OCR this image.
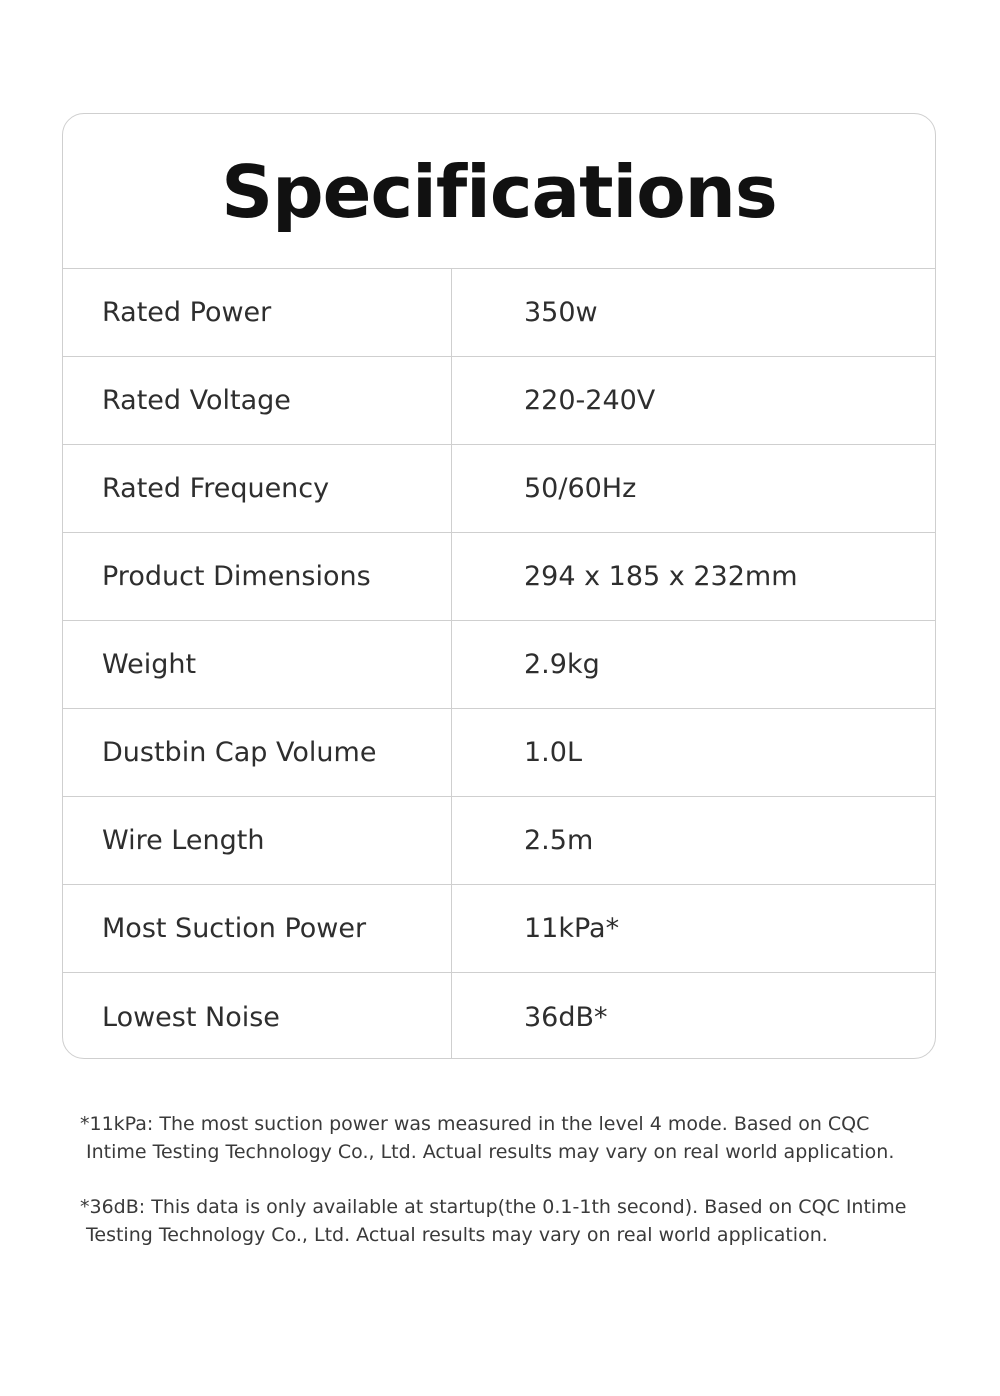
Specifications
Rated Power	350w
Rated Voltage	220-240V
Rated Frequency	50/60Hz
Product Dimensions	294 x 185 x 232mm
Weight	2.9kg
Dustbin Cap Volume	1.0L
Wire Length	2.5m
Most Suction Power	11kPa*
Lowest Noise	36dB*

*11kPa: The most suction power was measured in the level 4 mode. Based on CQC
Intime Testing Technology Co., Ltd. Actual results may vary on real world application.

*36dB: This data is only available at startup(the 0.1-1th second). Based on CQC Intime
Testing Technology Co., Ltd. Actual results may vary on real world application.
